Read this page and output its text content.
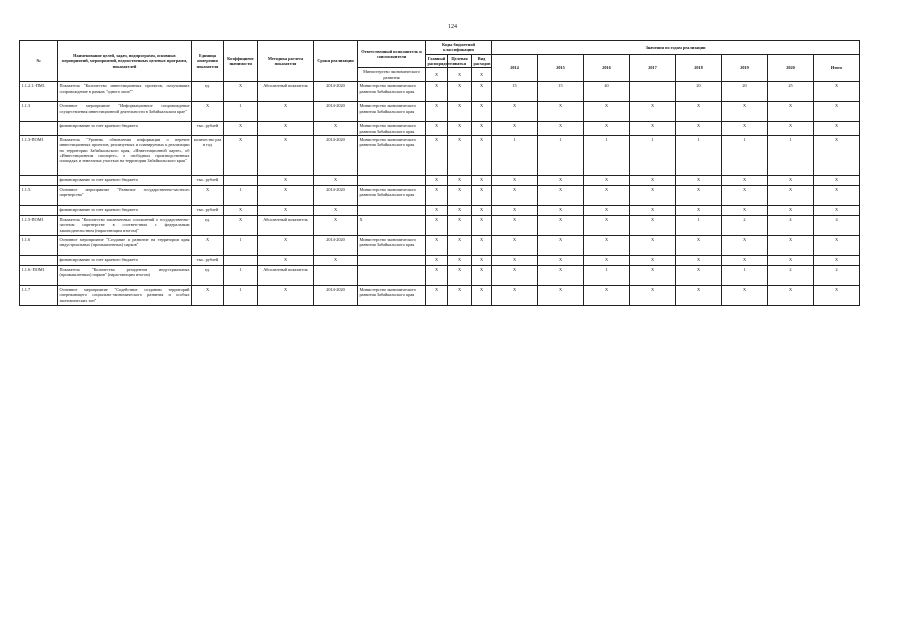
124
№	Наименование целей, задач, подпрограмм, основных мероприятий, мероприятий, ведомственных целевых программ, показателей	Единица измерения показателя	Коэффициент значимости	Методика расчета показателя	Сроки реализации	Ответственный исполнитель и соисполнители	Коды бюджетной классификации			Значения по годам реализации							
							Главный распорядитель	Целевая статья	Вид расходов	2014	2015	2016	2017	2018	2019	2020	Итого
						Министерство экономического развития	X	X	X								
1.1.2.1.-ПМ1	Показатель "Количество инвестиционных проектов, получивших сопровождение в рамках "одного окна""	ед.	X	Абсолютный показатель	2014-2020	Министерство экономического развития Забайкальского края	X	X	X	15	15	40		20	20	25	X
1.1.3	Основное мероприятие "Информационное сопровождение осуществления инвестиционной деятельности в Забайкальском крае"	X	1	X	2014-2020	Министерство экономического развития Забайкальского края	X	X	X	X	X	X	X	X	X	X	X
	финансирование за счет краевого бюджета	тыс. рублей	X	X	X	Министерство экономического развития Забайкальского края	X	X	X	X	X	X	X	X	X	X	X
1.1.3-ПОМ1	Показатель "Уровень обновления информации о перечне инвестиционных проектов, реализуемых и планируемых к реализации на территории Забайкальского края, «Инвестиционной карте», об «Инвестиционном паспорте», о свободных производственных площадях и земельных участках на территории Забайкальского края"	количество раз в год	X	X	2014-2020	Министерство экономического развития Забайкальского края	X	X	X	1	1	1	1	1	1	1	X
	финансирование за счет краевого бюджета	тыс. рублей		X	X		X	X	X	X	X	X	X	X	X	X	X
1.1.5.	Основное мероприятие "Развитие государственно-частного партнерства"	X	1	X	2014-2020	Министерство экономического развития Забайкальского края	X	X	X	X	X	X	X	X	X	X	X
	финансирование за счет краевого бюджета	тыс. рублей	X	X	X		X	X	X	X	X	X	X	X	X	X	X
1.1.5-ПОМ1	Показатель "Количество заключенных соглашений о государственно-частном партнерстве в соответствии с федеральным законодательством (нарастающим итогом)"	ед.	X	Абсолютный показатель	X	X	X	X	X	X	X	X	X	1	2	4	4
1.1.6	Основное мероприятие "Создание и развитие на территории края индустриальных (промышленных) парков"	X	1	X	2014-2020	Министерство экономического развития Забайкальского края	X	X	X	X	X	X	X	X	X	X	X
	финансирование за счет краевого бюджета	тыс. рублей		X	X		X	X	X	X	X	X	X	X	X	X	X
1.1.6.-ПОМ1	Показатель "Количество резидентов индустриальных (промышленных) парков" (нарастающим итогом)	ед.	1	Абсолютный показатель			X	X	X	X	X	1	X	X	1	2	2
1.1.7	Основное мероприятие "Содействие созданию территорий опережающего социально-экономического развития и особых экономических зон"	X	1	X	2014-2020	Министерство экономического развития Забайкальского края	X	X	X	X	X	X	X	X	X	X	X
